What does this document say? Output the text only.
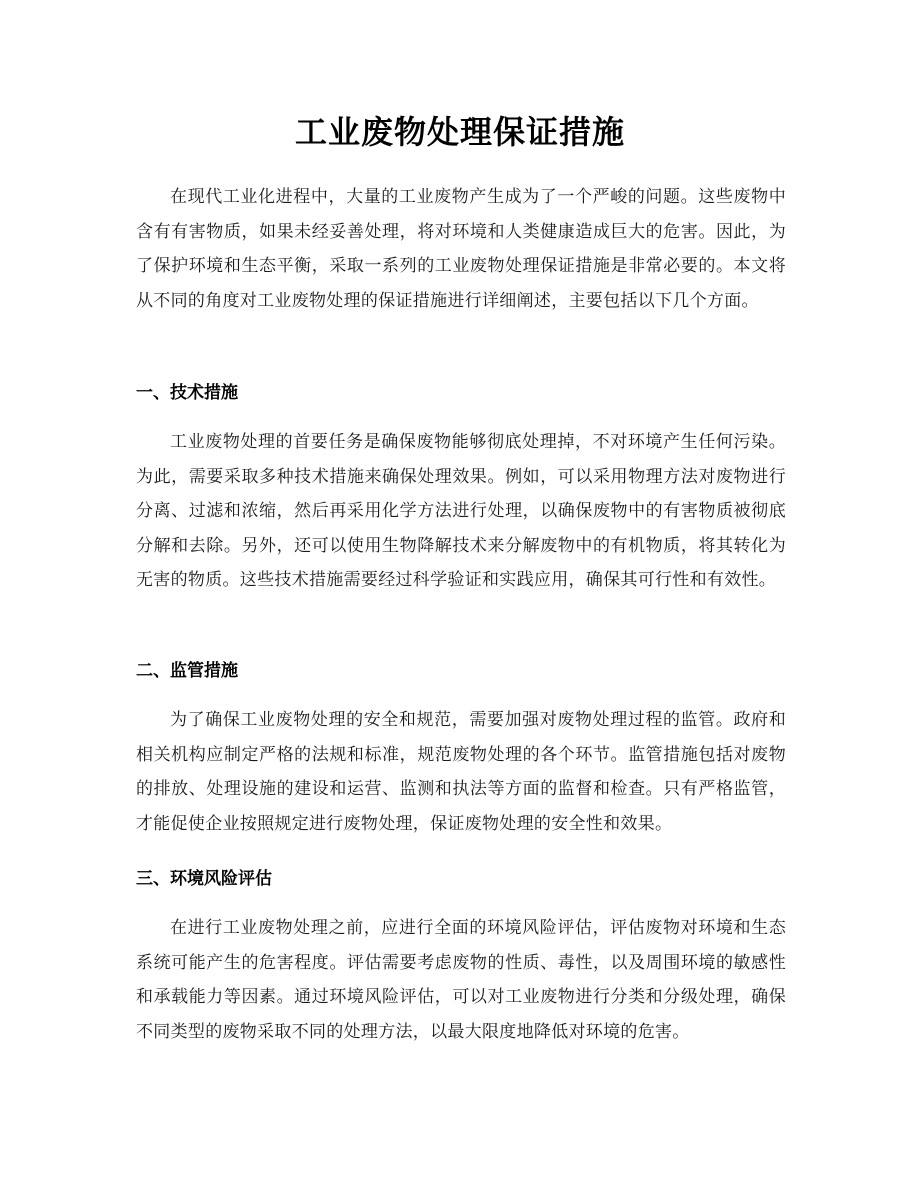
工业废物处理保证措施

在现代工业化进程中，大量的工业废物产生成为了一个严峻的问题。这些废物中含有有害物质，如果未经妥善处理，将对环境和人类健康造成巨大的危害。因此，为了保护环境和生态平衡，采取一系列的工业废物处理保证措施是非常必要的。本文将从不同的角度对工业废物处理的保证措施进行详细阐述，主要包括以下几个方面。

一、技术措施

工业废物处理的首要任务是确保废物能够彻底处理掉，不对环境产生任何污染。为此，需要采取多种技术措施来确保处理效果。例如，可以采用物理方法对废物进行分离、过滤和浓缩，然后再采用化学方法进行处理，以确保废物中的有害物质被彻底分解和去除。另外，还可以使用生物降解技术来分解废物中的有机物质，将其转化为无害的物质。这些技术措施需要经过科学验证和实践应用，确保其可行性和有效性。

二、监管措施

为了确保工业废物处理的安全和规范，需要加强对废物处理过程的监管。政府和相关机构应制定严格的法规和标准，规范废物处理的各个环节。监管措施包括对废物的排放、处理设施的建设和运营、监测和执法等方面的监督和检查。只有严格监管，才能促使企业按照规定进行废物处理，保证废物处理的安全性和效果。

三、环境风险评估

在进行工业废物处理之前，应进行全面的环境风险评估，评估废物对环境和生态系统可能产生的危害程度。评估需要考虑废物的性质、毒性，以及周围环境的敏感性和承载能力等因素。通过环境风险评估，可以对工业废物进行分类和分级处理，确保不同类型的废物采取不同的处理方法，以最大限度地降低对环境的危害。
